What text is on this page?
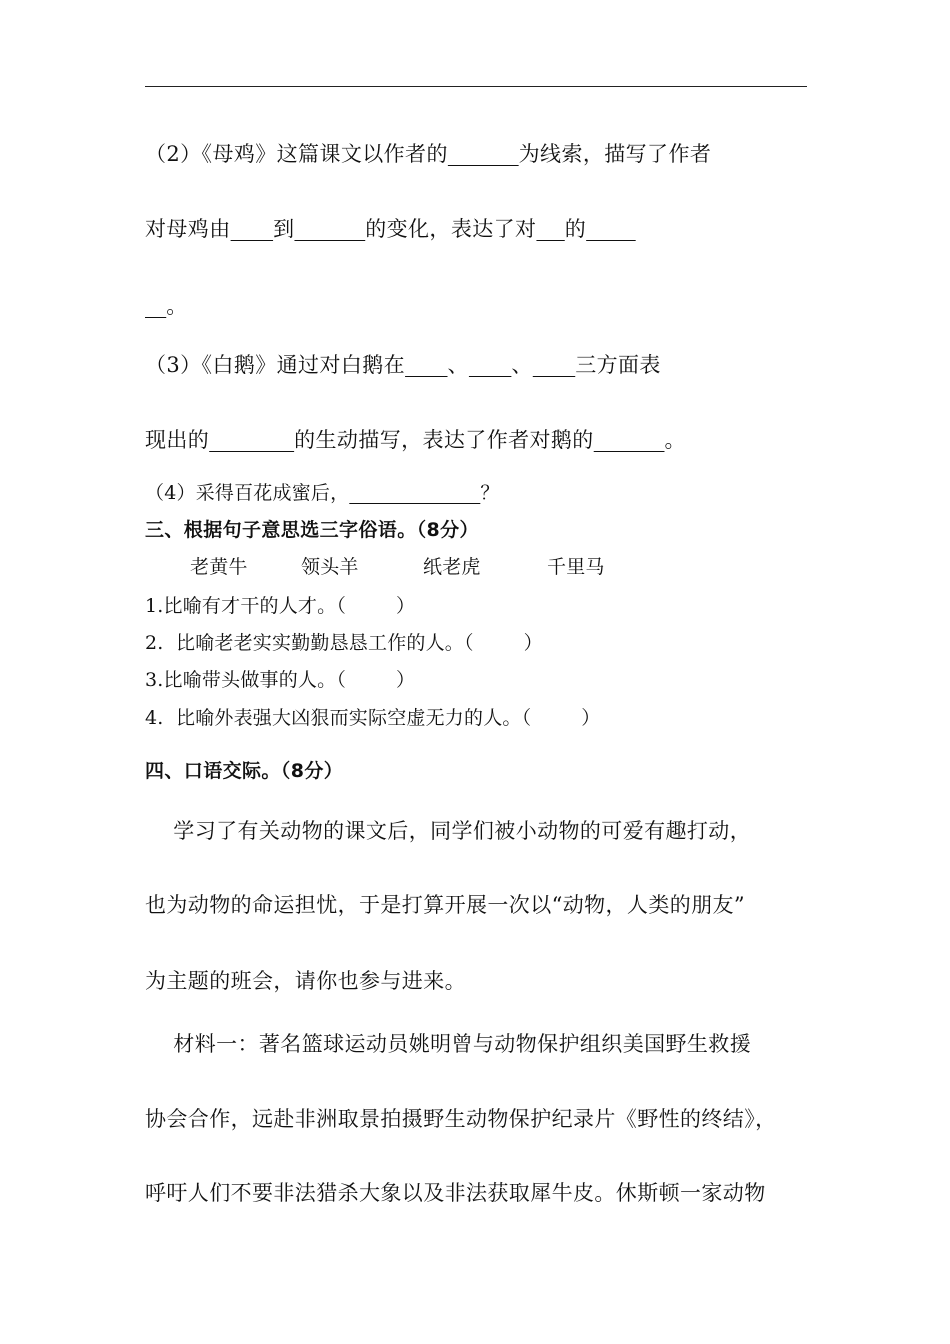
（2）《母鸡》这篇课文以作者的	为线索，描写了作者
对母鸡由 到	的变化，表达了对 的
。
（3）《白鹅》通过对白鹅在 、 、 三方面表
现出的	的生动描写，表达了作者对鹅的	。
（4）采得百花成蜜后，	？
三、根据句子意思选三字俗语。（8分）
老黄牛	领头羊	纸老虎	千里马
1.比喻有才干的人才。（        ）
2.  比喻老老实实勤勤恳恳工作的人。（        ）
3.比喻带头做事的人。（        ）
4.  比喻外表强大凶狠而实际空虚无力的人。（        ）
四、口语交际。（8分）
学习了有关动物的课文后，同学们被小动物的可爱有趣打动，
也为动物的命运担忧，于是打算开展一次以“动物，人类的朋友”
为主题的班会，请你也参与进来。
材料一：著名篮球运动员姚明曾与动物保护组织美国野生救援
协会合作，远赴非洲取景拍摄野生动物保护纪录片《野性的终结》，
呼吁人们不要非法猎杀大象以及非法获取犀牛皮。休斯顿一家动物
